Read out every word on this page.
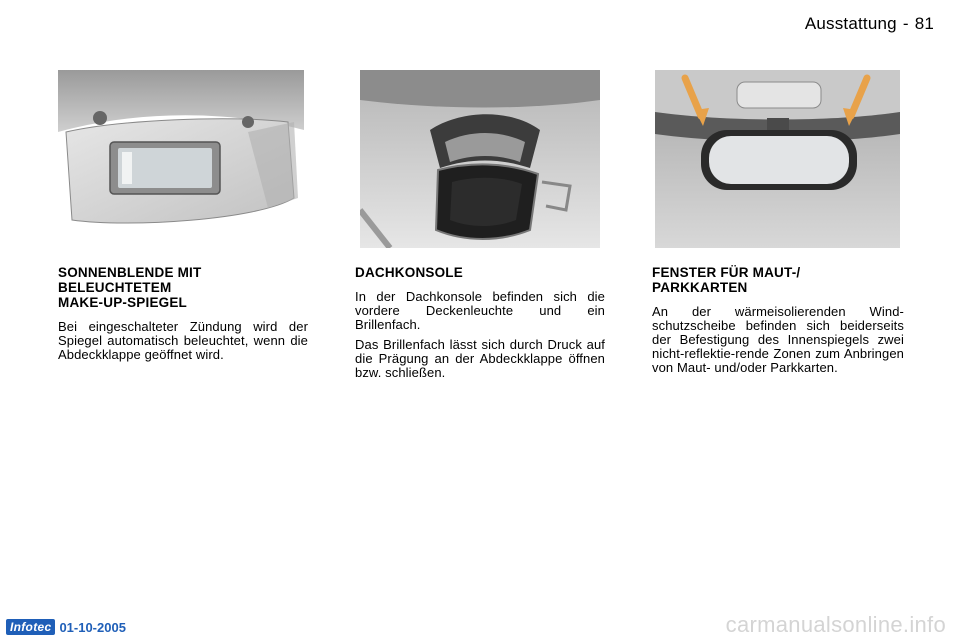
Ausstattung - 81
SONNENBLENDE MIT
BELEUCHTETEM
MAKE-UP-SPIEGEL

Bei eingeschalteter Zündung wird der Spiegel automatisch beleuchtet, wenn die Abdeckklappe geöffnet wird.

DACHKONSOLE

In der Dachkonsole befinden sich die vordere Deckenleuchte und ein Brillenfach.

Das Brillenfach lässt sich durch Druck auf die Prägung an der Abdeckklappe öffnen bzw. schließen.

FENSTER FÜR MAUT-/
PARKKARTEN

An der wärmeisolierenden Wind-schutzscheibe befinden sich beiderseits der Befestigung des Innenspiegels zwei nicht-reflektie-rende Zonen zum Anbringen von Maut- und/oder Parkkarten.

Infotec 01-10-2005	carmanualsonline.info
